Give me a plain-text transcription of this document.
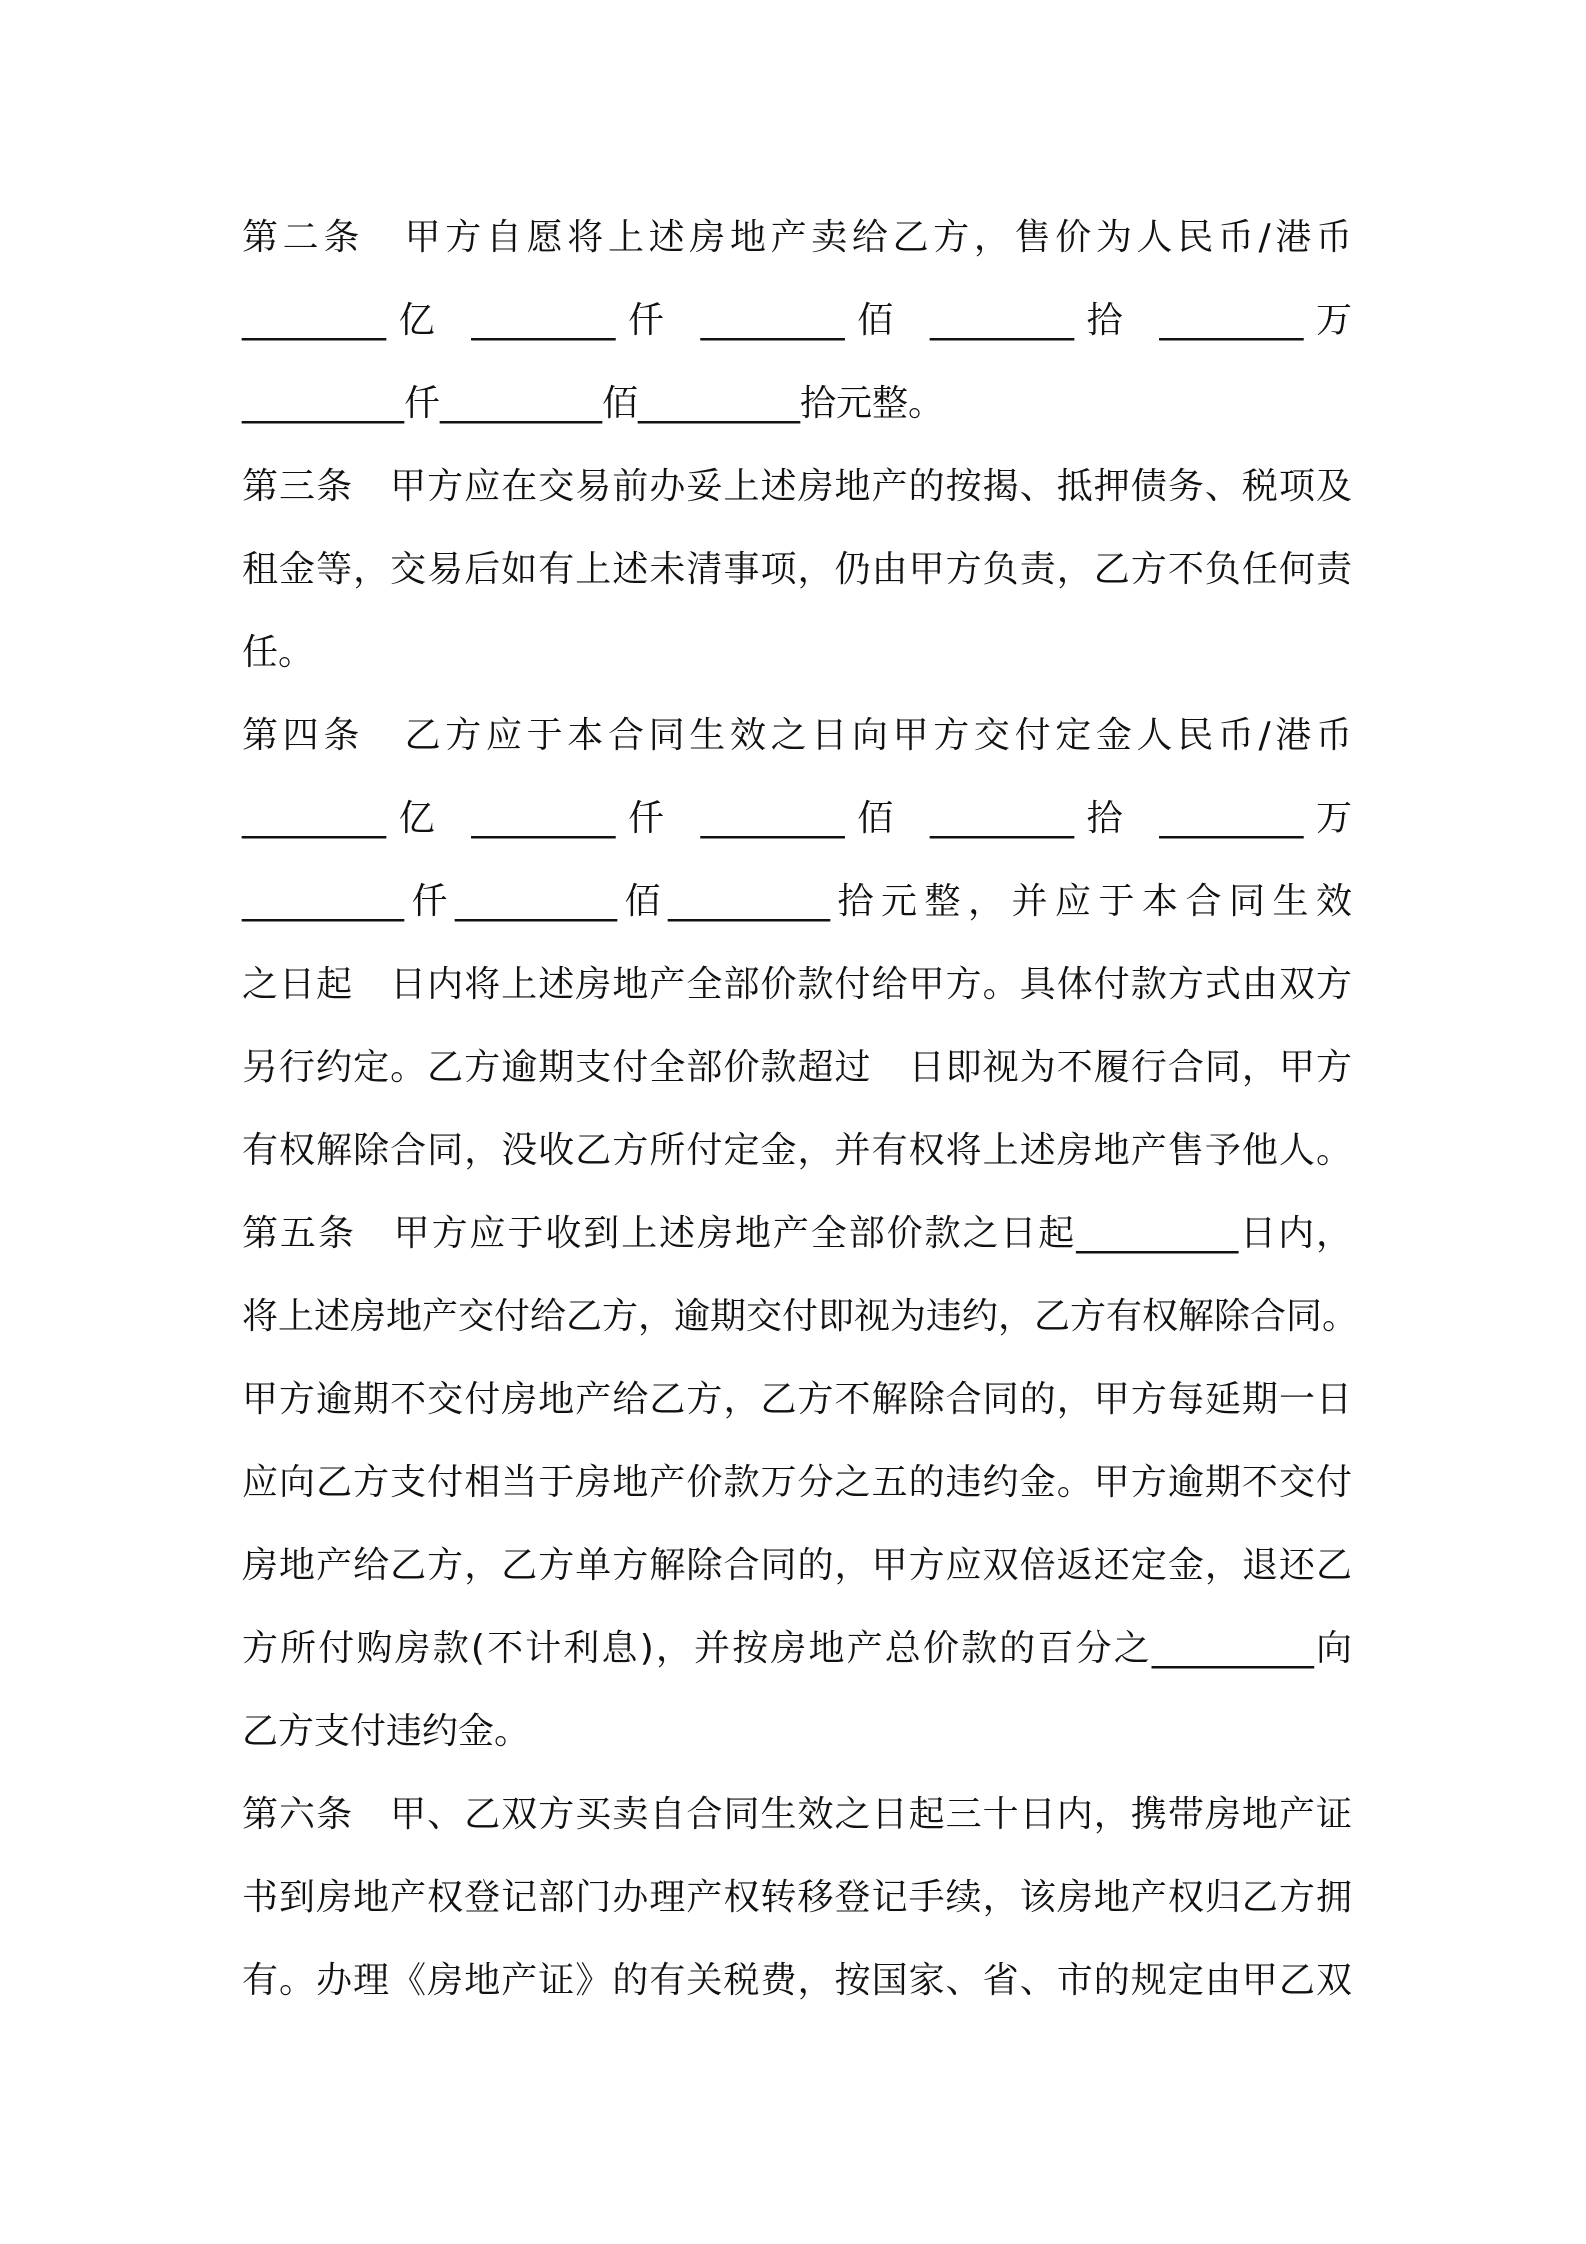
第二条　甲方自愿将上述房地产卖给乙方，售价为人民币/港币
________亿 ________仟 ________佰 ________拾 ________万
_________仟_________佰_________拾元整。
第三条　甲方应在交易前办妥上述房地产的按揭、抵押债务、税项及
租金等，交易后如有上述未清事项，仍由甲方负责，乙方不负任何责
任。
第四条　乙方应于本合同生效之日向甲方交付定金人民币/港币
________亿 ________仟 ________佰 ________拾 ________万
_________仟_________佰_________拾元整，并应于本合同生效
之日起　日内将上述房地产全部价款付给甲方。具体付款方式由双方
另行约定。乙方逾期支付全部价款超过　日即视为不履行合同，甲方
有权解除合同，没收乙方所付定金，并有权将上述房地产售予他人。
第五条　甲方应于收到上述房地产全部价款之日起_________日内，
将上述房地产交付给乙方，逾期交付即视为违约，乙方有权解除合同。
甲方逾期不交付房地产给乙方，乙方不解除合同的，甲方每延期一日
应向乙方支付相当于房地产价款万分之五的违约金。甲方逾期不交付
房地产给乙方，乙方单方解除合同的，甲方应双倍返还定金，退还乙
方所付购房款(不计利息)，并按房地产总价款的百分之_________向
乙方支付违约金。
第六条　甲、乙双方买卖自合同生效之日起三十日内，携带房地产证
书到房地产权登记部门办理产权转移登记手续，该房地产权归乙方拥
有。办理《房地产证》的有关税费，按国家、省、市的规定由甲乙双
